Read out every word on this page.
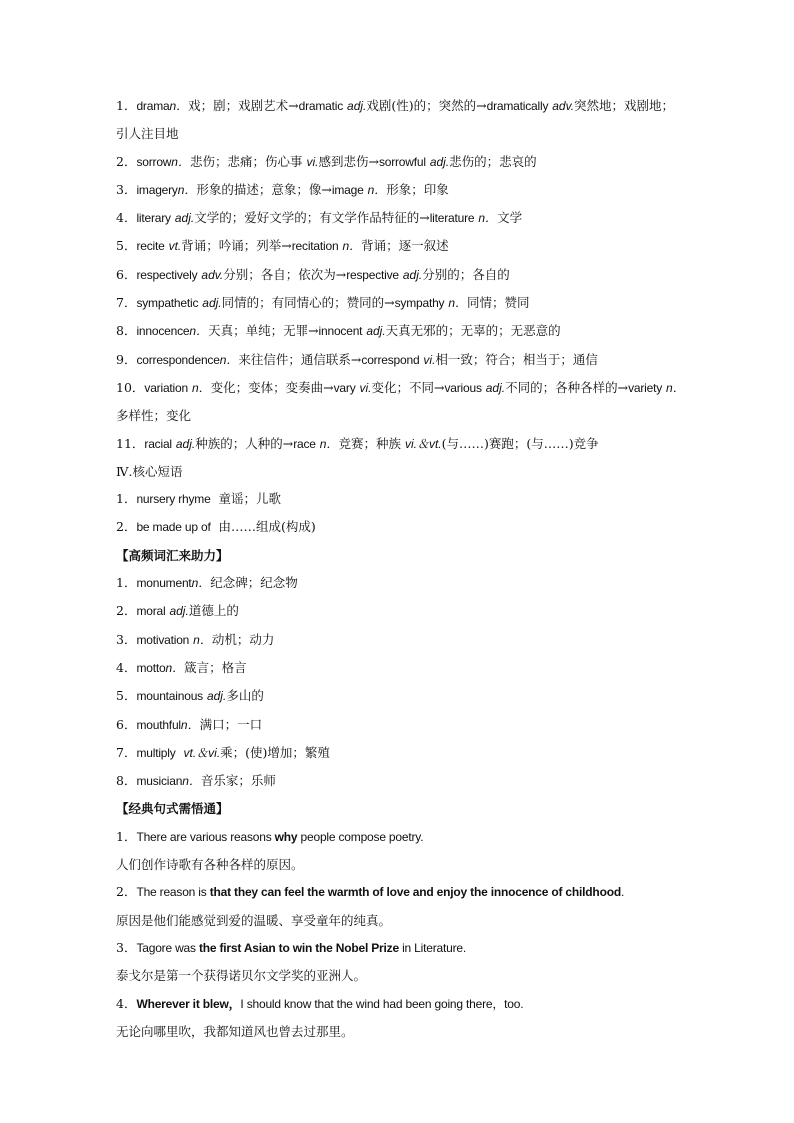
1．draman．戏；剧；戏剧艺术→dramatic adj.戏剧(性)的；突然的→dramatically adv.突然地；戏剧地；引人注目地
2．sorrown．悲伤；悲痛；伤心事 vi.感到悲伤→sorrowful adj.悲伤的；悲哀的
3．imageryn．形象的描述；意象；像→image n．形象；印象
4．literary adj.文学的；爱好文学的；有文学作品特征的→literature n．文学
5．recite vt.背诵；吟诵；列举→recitation n．背诵；逐一叙述
6．respectively adv.分别；各自；依次为→respective adj.分别的；各自的
7．sympathetic adj.同情的；有同情心的；赞同的→sympathy n．同情；赞同
8．innocencen．天真；单纯；无罪→innocent adj.天真无邪的；无辜的；无恶意的
9．correspondencen．来往信件；通信联系→correspond vi.相一致；符合；相当于；通信
10．variation n．变化；变体；变奏曲→vary vi.变化；不同→various adj.不同的；各种各样的→variety n．多样性；变化
11．racial adj.种族的；人种的→race n．竞赛；种族 vi.＆vt.(与……)赛跑；(与……)竞争
Ⅳ.核心短语
1．nursery rhyme 童谣；儿歌
2．be made up of 由……组成(构成)
【高频词汇来助力】
1．monumentn．纪念碑；纪念物
2．moral adj.道德上的
3．motivation n．动机；动力
4．motton．箴言；格言
5．mountainous adj.多山的
6．mouthfuln．满口；一口
7．multiply vt.＆vi.乘；(使)增加；繁殖
8．musiciann．音乐家；乐师
【经典句式需悟通】
1．There are various reasons why people compose poetry.
人们创作诗歌有各种各样的原因。
2．The reason is that they can feel the warmth of love and enjoy the innocence of childhood.
原因是他们能感觉到爱的温暖、享受童年的纯真。
3．Tagore was the first Asian to win the Nobel Prize in Literature.
泰戈尔是第一个获得诺贝尔文学奖的亚洲人。
4．Wherever it blew，I should know that the wind had been going there，too.
无论向哪里吹，我都知道风也曾去过那里。
